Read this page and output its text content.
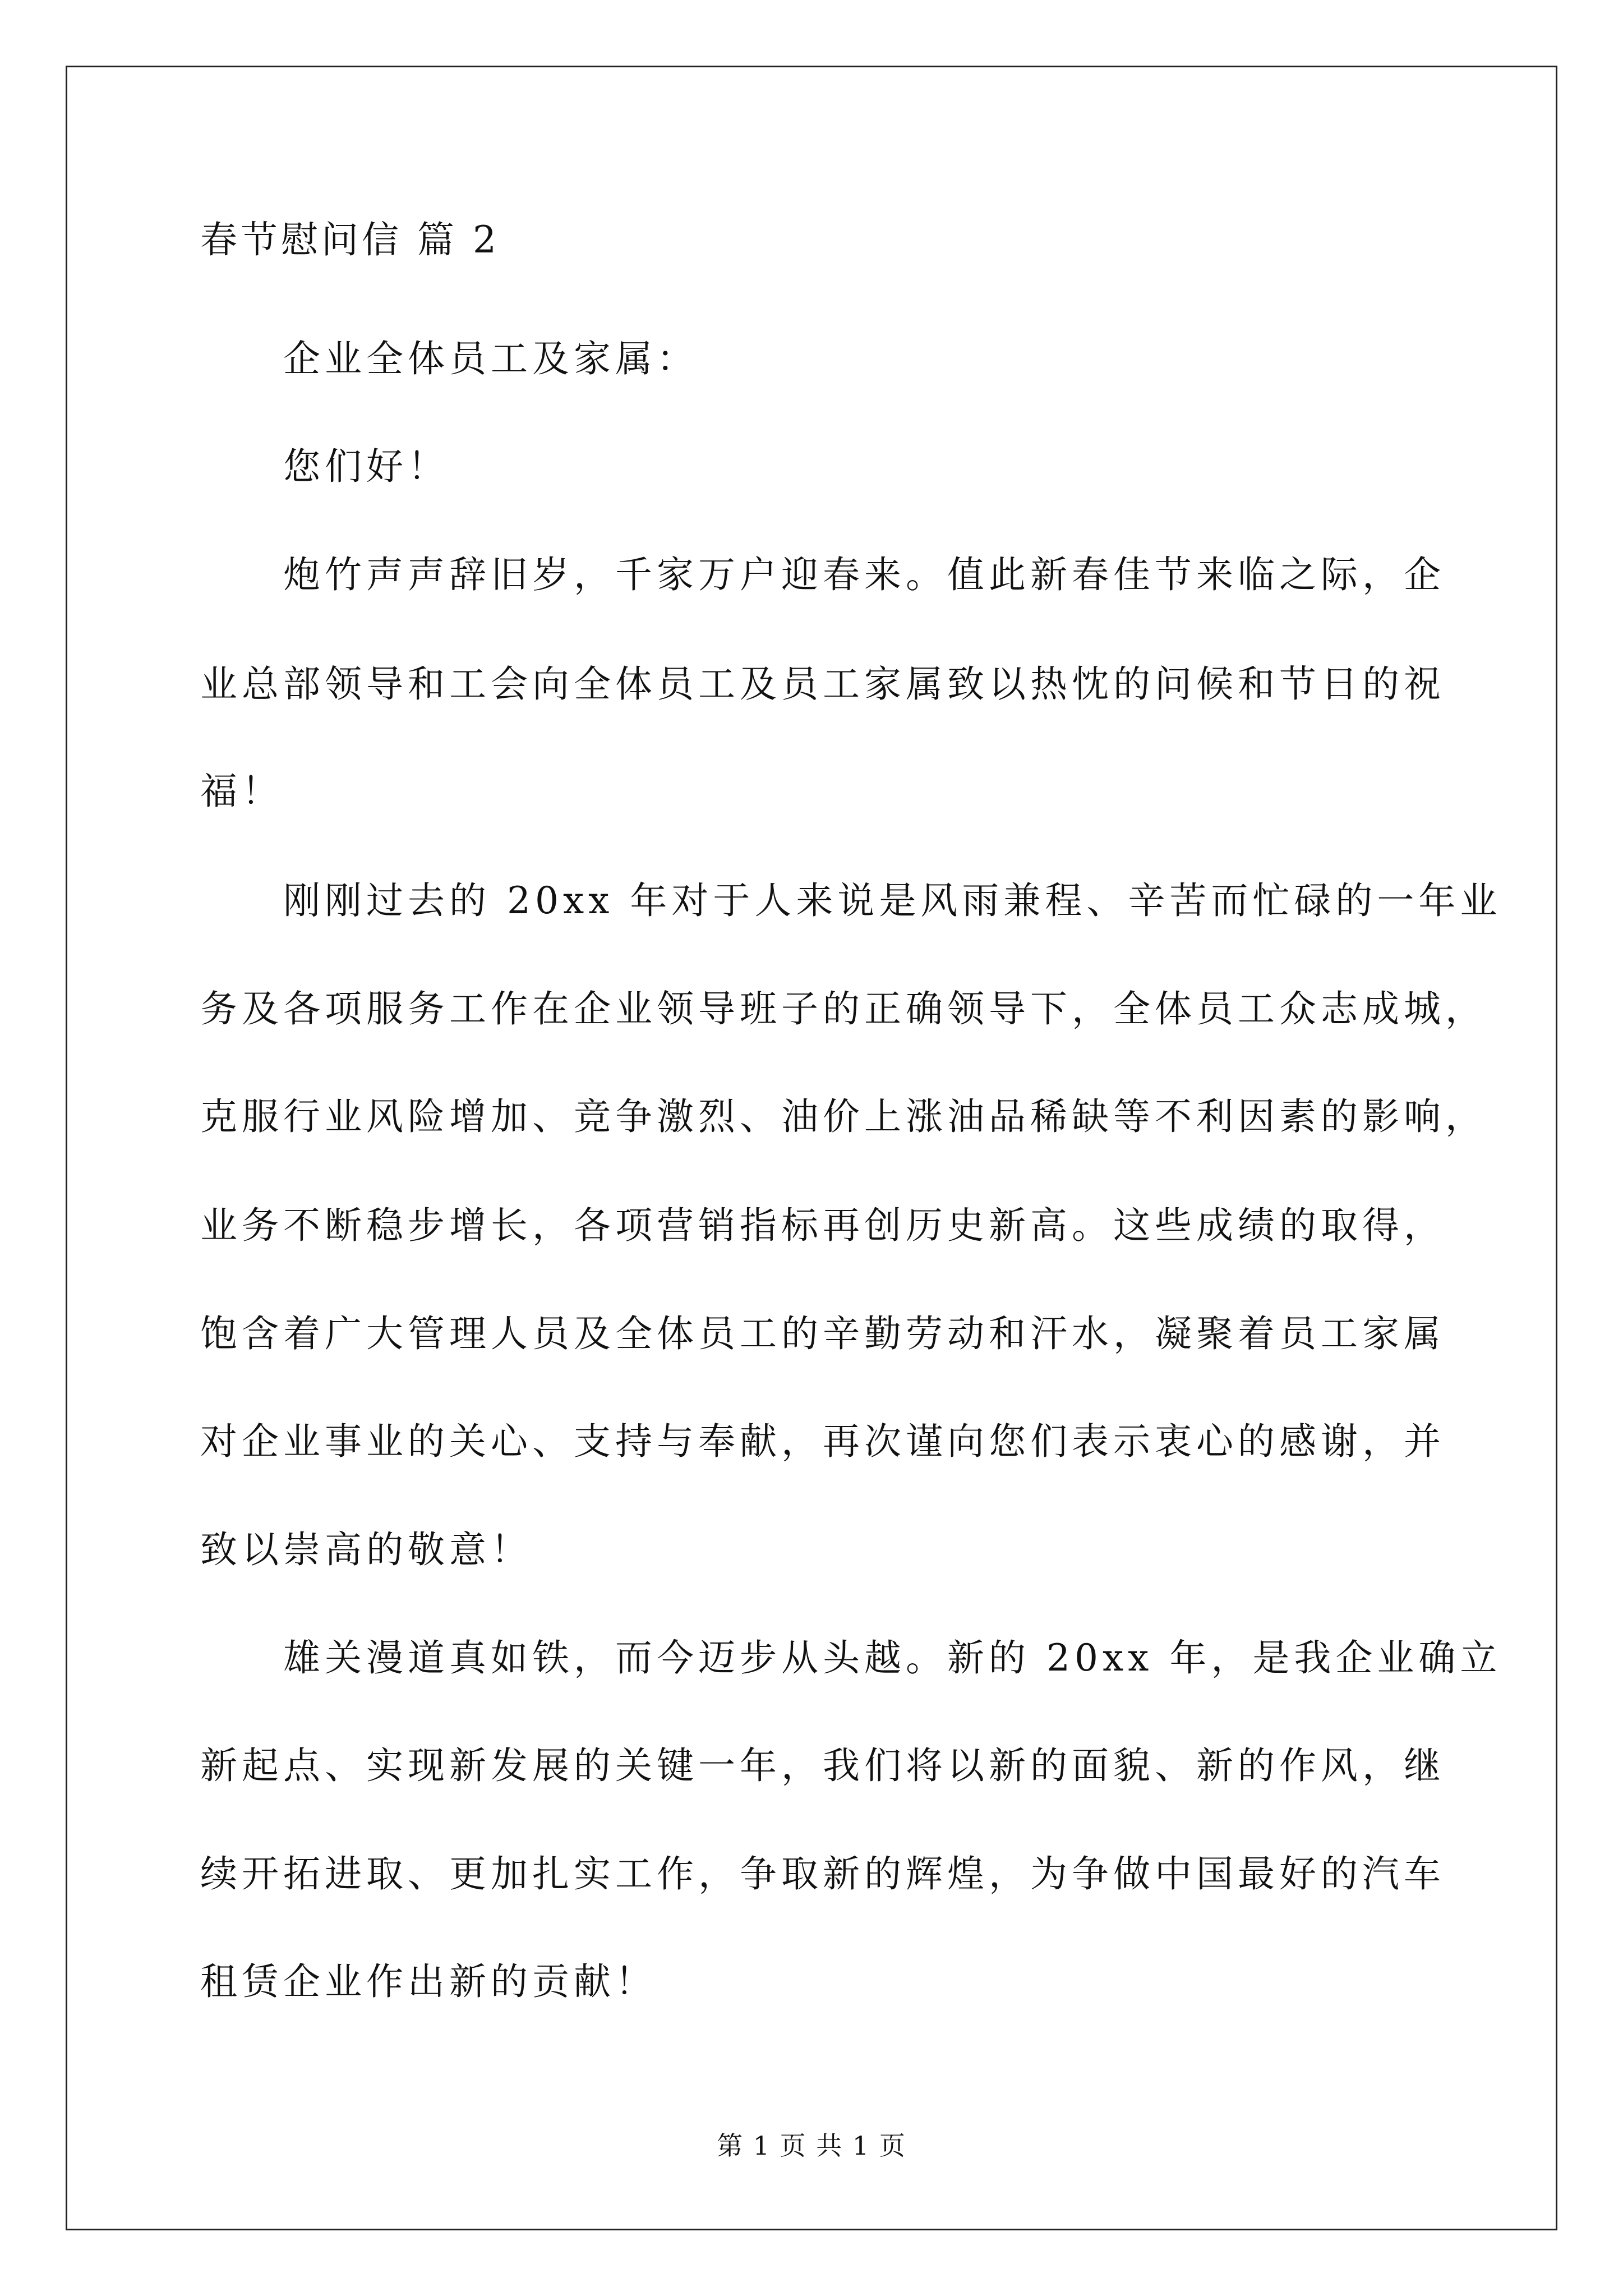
春节慰问信 篇 2
企业全体员工及家属：
您们好！
炮竹声声辞旧岁，千家万户迎春来。值此新春佳节来临之际，企
业总部领导和工会向全体员工及员工家属致以热忱的问候和节日的祝
福！
刚刚过去的 20xx 年对于人来说是风雨兼程、辛苦而忙碌的一年业
务及各项服务工作在企业领导班子的正确领导下，全体员工众志成城，
克服行业风险增加、竞争激烈、油价上涨油品稀缺等不利因素的影响，
业务不断稳步增长，各项营销指标再创历史新高。这些成绩的取得，
饱含着广大管理人员及全体员工的辛勤劳动和汗水，凝聚着员工家属
对企业事业的关心、支持与奉献，再次谨向您们表示衷心的感谢，并
致以崇高的敬意！
雄关漫道真如铁，而今迈步从头越。新的 20xx 年，是我企业确立
新起点、实现新发展的关键一年，我们将以新的面貌、新的作风，继
续开拓进取、更加扎实工作，争取新的辉煌，为争做中国最好的汽车
租赁企业作出新的贡献！
第 1 页 共 1 页
